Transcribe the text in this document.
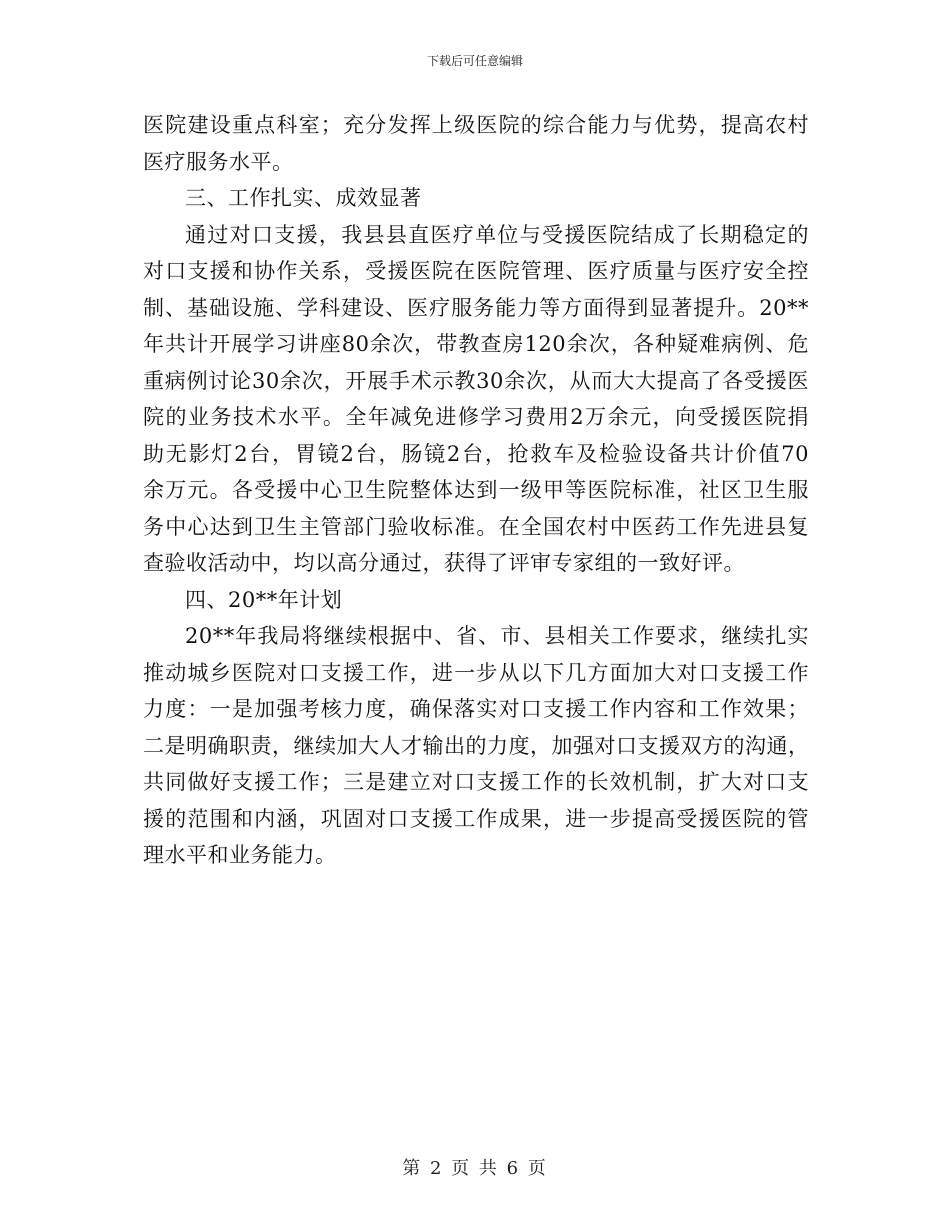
下载后可任意编辑
医院建设重点科室；充分发挥上级医院的综合能力与优势，提高农村
医疗服务水平。
三、工作扎实、成效显著
通过对口支援，我县县直医疗单位与受援医院结成了长期稳定的
对口支援和协作关系，受援医院在医院管理、医疗质量与医疗安全控
制、基础设施、学科建设、医疗服务能力等方面得到显著提升。20**
年共计开展学习讲座80余次，带教查房120余次，各种疑难病例、危
重病例讨论30余次，开展手术示教30余次，从而大大提高了各受援医
院的业务技术水平。全年减免进修学习费用2万余元，向受援医院捐
助无影灯2台，胃镜2台，肠镜2台，抢救车及检验设备共计价值70
余万元。各受援中心卫生院整体达到一级甲等医院标准，社区卫生服
务中心达到卫生主管部门验收标准。在全国农村中医药工作先进县复
查验收活动中，均以高分通过，获得了评审专家组的一致好评。
四、20**年计划
20**年我局将继续根据中、省、市、县相关工作要求，继续扎实
推动城乡医院对口支援工作，进一步从以下几方面加大对口支援工作
力度：一是加强考核力度，确保落实对口支援工作内容和工作效果；
二是明确职责，继续加大人才输出的力度，加强对口支援双方的沟通，
共同做好支援工作；三是建立对口支援工作的长效机制，扩大对口支
援的范围和内涵，巩固对口支援工作成果，进一步提高受援医院的管
理水平和业务能力。
第 2 页 共 6 页
